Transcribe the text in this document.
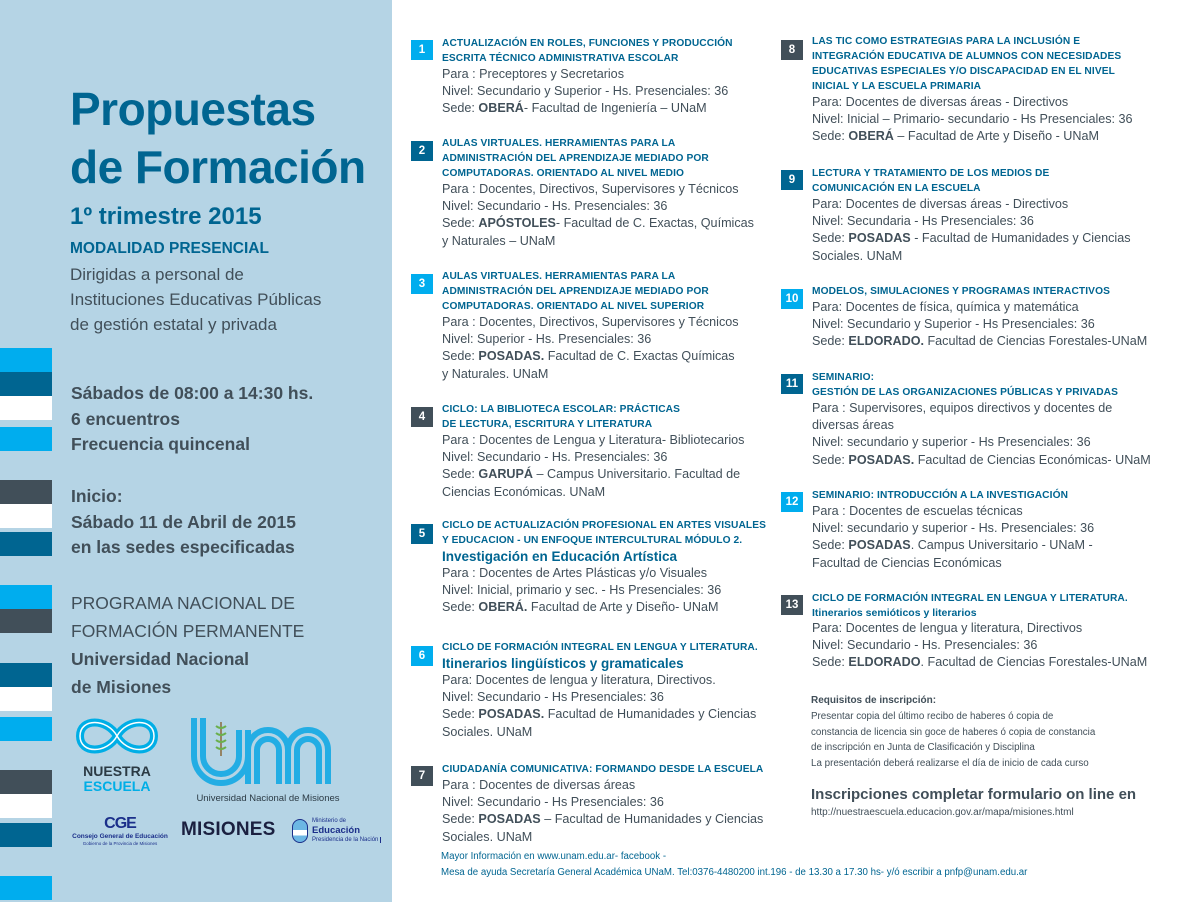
Propuestas
de Formación
1º trimestre 2015
MODALIDAD PRESENCIAL
Dirigidas a personal de
Instituciones Educativas Públicas
de gestión estatal y privada
Sábados de 08:00 a 14:30 hs.
6 encuentros
Frecuencia quincenal
Inicio:
Sábado 11 de Abril de 2015
en las sedes especificadas
PROGRAMA NACIONAL DE
FORMACIÓN PERMANENTE
Universidad Nacional
de Misiones
NUESTRA
ESCUELA
Universidad Nacional de Misiones
CGE
Consejo General de Educación
Gobierno de la Provincia de Misiones
MISIONES	Ministerio de
Educación
Presidencia de la Nación
1
ACTUALIZACIÓN EN ROLES, FUNCIONES Y PRODUCCIÓN
ESCRITA TÉCNICO ADMINISTRATIVA ESCOLAR
Para : Preceptores y Secretarios
Nivel: Secundario y Superior - Hs. Presenciales: 36
Sede: OBERÁ- Facultad de Ingeniería – UNaM
2
AULAS VIRTUALES. HERRAMIENTAS PARA LA
ADMINISTRACIÓN DEL APRENDIZAJE MEDIADO POR
COMPUTADORAS. ORIENTADO AL NIVEL MEDIO
Para : Docentes, Directivos, Supervisores y Técnicos
Nivel: Secundario - Hs. Presenciales: 36
Sede: APÓSTOLES- Facultad de C. Exactas, Químicas
y Naturales – UNaM
3
AULAS VIRTUALES. HERRAMIENTAS PARA LA
ADMINISTRACIÓN DEL APRENDIZAJE MEDIADO POR
COMPUTADORAS. ORIENTADO AL NIVEL SUPERIOR
Para : Docentes, Directivos, Supervisores y Técnicos
Nivel: Superior - Hs. Presenciales: 36
Sede: POSADAS. Facultad de C. Exactas Químicas
y Naturales. UNaM
4
CICLO: LA BIBLIOTECA ESCOLAR: PRÁCTICAS
DE LECTURA, ESCRITURA Y LITERATURA
Para : Docentes de Lengua y Literatura- Bibliotecarios
Nivel: Secundario - Hs. Presenciales: 36
Sede: GARUPÁ – Campus Universitario. Facultad de
Ciencias Económicas. UNaM
5
CICLO DE ACTUALIZACIÓN PROFESIONAL EN ARTES VISUALES
Y EDUCACION - UN ENFOQUE INTERCULTURAL MÓDULO 2.
Investigación en Educación Artística
Para : Docentes de Artes Plásticas y/o Visuales
Nivel: Inicial, primario y sec. - Hs Presenciales: 36
Sede: OBERÁ. Facultad de Arte y Diseño- UNaM
6
CICLO DE FORMACIÓN INTEGRAL EN LENGUA Y LITERATURA.
Itinerarios lingüísticos y gramaticales
Para: Docentes de lengua y literatura, Directivos.
Nivel: Secundario - Hs Presenciales: 36
Sede: POSADAS. Facultad de Humanidades y Ciencias
Sociales. UNaM
7
CIUDADANÍA COMUNICATIVA: FORMANDO DESDE LA ESCUELA
Para : Docentes de diversas áreas
Nivel: Secundario - Hs Presenciales: 36
Sede: POSADAS – Facultad de Humanidades y Ciencias
Sociales. UNaM
8
LAS TIC COMO ESTRATEGIAS PARA LA INCLUSIÓN E
INTEGRACIÓN EDUCATIVA DE ALUMNOS CON NECESIDADES
EDUCATIVAS ESPECIALES Y/O DISCAPACIDAD EN EL NIVEL
INICIAL Y LA ESCUELA PRIMARIA
Para: Docentes de diversas áreas - Directivos
Nivel: Inicial – Primario- secundario - Hs Presenciales: 36
Sede: OBERÁ – Facultad de Arte y Diseño - UNaM
9
LECTURA Y TRATAMIENTO DE LOS MEDIOS DE
COMUNICACIÓN EN LA ESCUELA
Para: Docentes de diversas áreas - Directivos
Nivel: Secundaria - Hs Presenciales: 36
Sede: POSADAS - Facultad de Humanidades y Ciencias
Sociales. UNaM
10
MODELOS, SIMULACIONES Y PROGRAMAS INTERACTIVOS
Para: Docentes de física, química y matemática
Nivel: Secundario y Superior - Hs Presenciales: 36
Sede: ELDORADO. Facultad de Ciencias Forestales-UNaM
11
SEMINARIO:
GESTIÓN DE LAS ORGANIZACIONES PÚBLICAS Y PRIVADAS
Para : Supervisores, equipos directivos y docentes de
diversas áreas
Nivel: secundario y superior - Hs Presenciales: 36
Sede: POSADAS. Facultad de Ciencias Económicas- UNaM
12
SEMINARIO: INTRODUCCIÓN A LA INVESTIGACIÓN
Para : Docentes de escuelas técnicas
Nivel: secundario y superior - Hs. Presenciales: 36
Sede: POSADAS. Campus Universitario - UNaM -
Facultad de Ciencias Económicas
13
CICLO DE FORMACIÓN INTEGRAL EN LENGUA Y LITERATURA.
Itinerarios semióticos y literarios
Para: Docentes de lengua y literatura, Directivos
Nivel: Secundario - Hs. Presenciales: 36
Sede: ELDORADO. Facultad de Ciencias Forestales-UNaM
Requisitos de inscripción:
Presentar copia del último recibo de haberes ó copia de
constancia de licencia sin goce de haberes ó copia de constancia
de inscripción en Junta de Clasificación y Disciplina
La presentación deberá realizarse el día de inicio de cada curso
Inscripciones completar formulario on line en
http://nuestraescuela.educacion.gov.ar/mapa/misiones.html
Mayor Información en www.unam.edu.ar- facebook -
Mesa de ayuda Secretaría General Académica UNaM. Tel:0376-4480200 int.196 - de 13.30 a 17.30 hs- y/ó escribir a pnfp@unam.edu.ar
